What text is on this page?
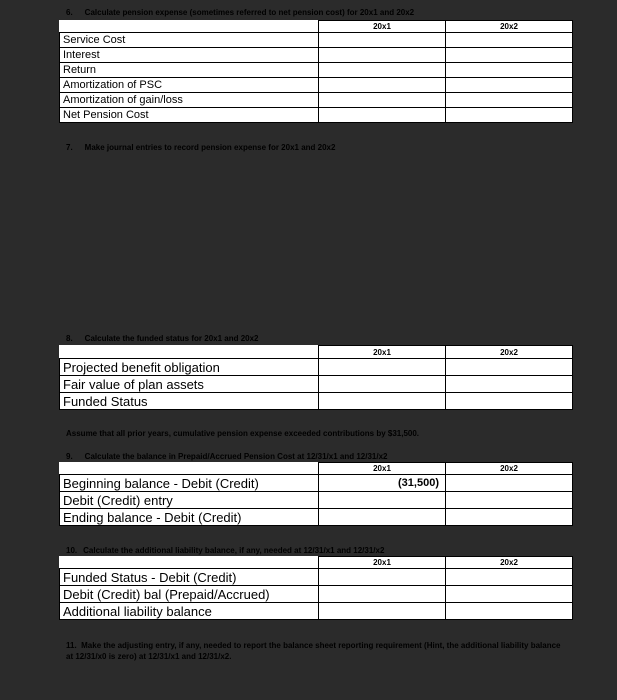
6. Calculate pension expense (sometimes referred to net pension cost) for 20x1 and 20x2
	20x1	20x2
Service Cost		
Interest		
Return		
Amortization of PSC		
Amortization of gain/loss		
Net Pension Cost		
7. Make journal entries to record pension expense for 20x1 and 20x2
8. Calculate the funded status for 20x1 and 20x2
	20x1	20x2
Projected benefit obligation		
Fair value of plan assets		
Funded Status		
Assume that all prior years, cumulative pension expense exceeded contributions by $31,500.
9. Calculate the balance in Prepaid/Accrued Pension Cost at 12/31/x1 and 12/31/x2
	20x1	20x2
Beginning balance - Debit (Credit)	(31,500)	
Debit (Credit) entry		
Ending balance - Debit (Credit)		
10. Calculate the additional liability balance, if any, needed at 12/31/x1 and 12/31/x2
	20x1	20x2
Funded Status - Debit (Credit)		
Debit (Credit) bal (Prepaid/Accrued)		
Additional liability balance		
11. Make the adjusting entry, if any, needed to report the balance sheet reporting requirement (Hint, the additional liability balance at 12/31/x0 is zero) at 12/31/x1 and 12/31/x2.
